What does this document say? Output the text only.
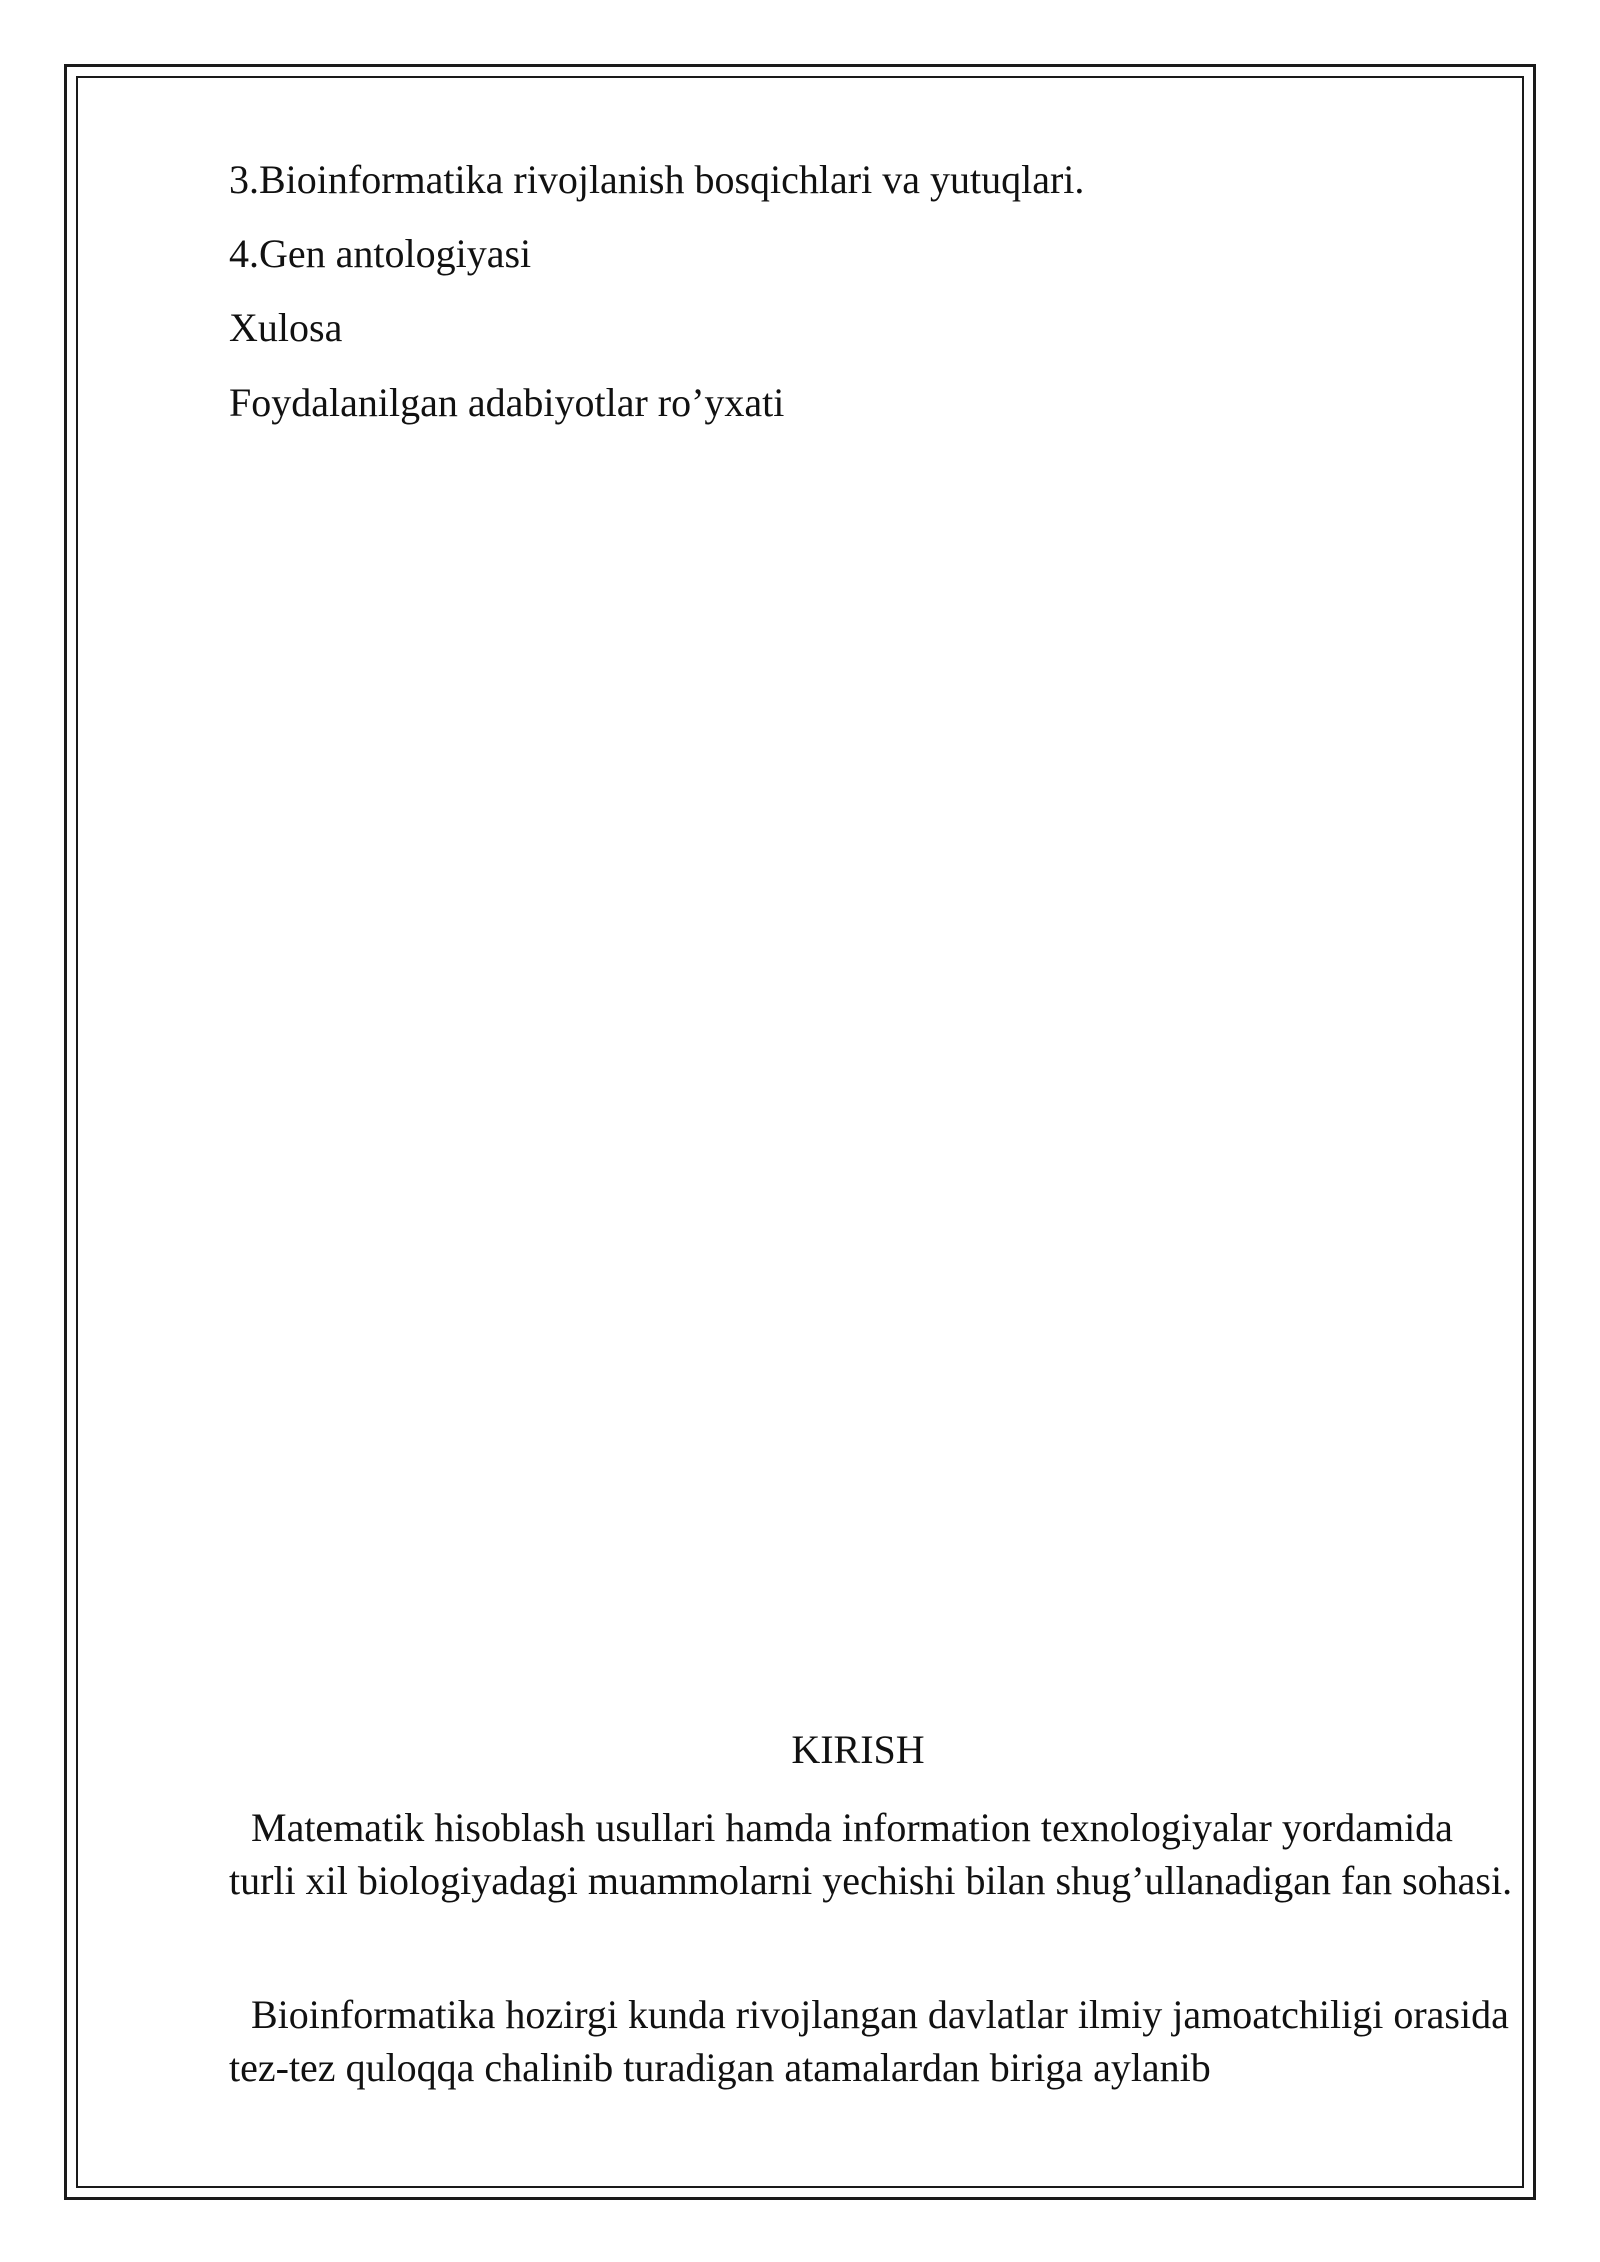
3.Bioinformatika rivojlanish bosqichlari va yutuqlari.

4.Gen antologiyasi

Xulosa

Foydalanilgan adabiyotlar ro’yxati

KIRISH

Matematik hisoblash usullari hamda information texnologiyalar yordamida turli xil biologiyadagi muammolarni yechishi bilan shug’ullanadigan fan sohasi.

Bioinformatika hozirgi kunda rivojlangan davlatlar ilmiy jamoatchiligi orasida tez-tez quloqqa chalinib turadigan atamalardan biriga aylanib
